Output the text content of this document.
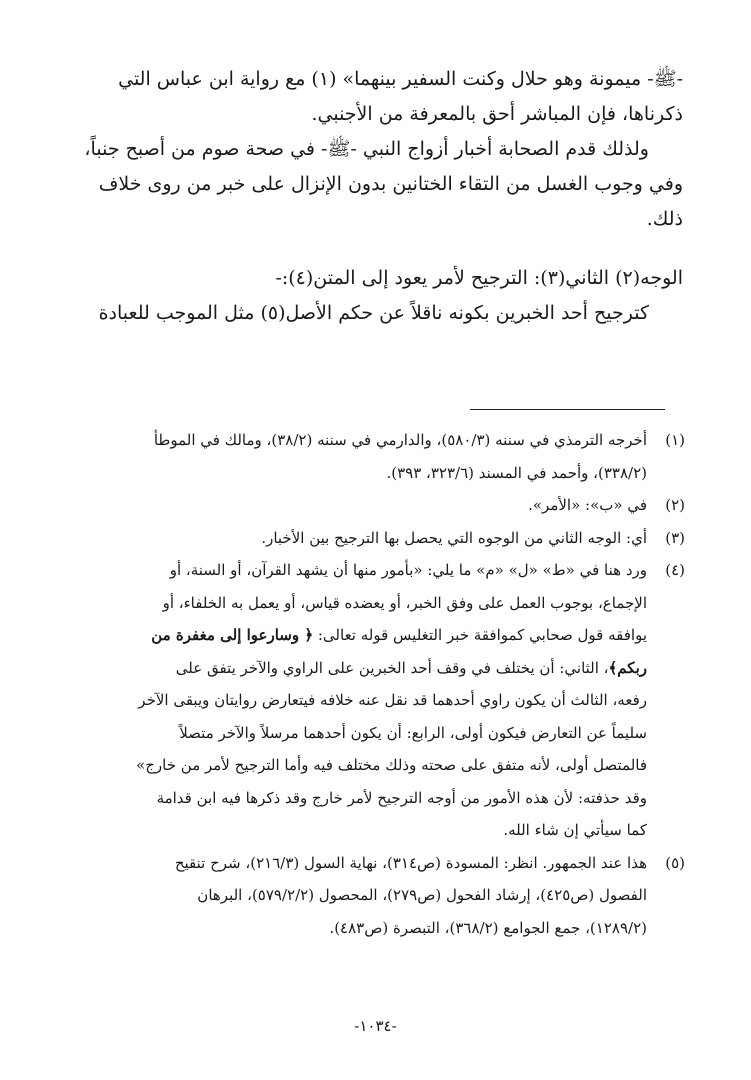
-ﷺ- ميمونة وهو حلال وكنت السفير بينهما» (١) مع رواية ابن عباس التي
ذكرناها، فإن المباشر أحق بالمعرفة من الأجنبي.

ولذلك قدم الصحابة أخبار أزواج النبي -ﷺ- في صحة صوم من أصبح جنباً،
وفي وجوب الغسل من التقاء الختانين بدون الإنزال على خبر من روى خلاف
ذلك.

الوجه(٢) الثاني(٣): الترجيح لأمر يعود إلى المتن(٤):-

كترجيح أحد الخبرين بكونه ناقلاً عن حكم الأصل(٥) مثل الموجب للعبادة

(١)
أخرجه الترمذي في سننه (٥٨٠/٣)، والدارمي في سننه (٣٨/٢)، ومالك في الموطأ
(٣٣٨/٢)، وأحمد في المسند (٣٢٣/٦، ٣٩٣).
(٢)
في «ب»: «الأمر».
(٣)
أي: الوجه الثاني من الوجوه التي يحصل بها الترجيح بين الأخبار.
(٤)
ورد هنا في «ط» «ل» «م» ما يلي: «بأمور منها أن يشهد القرآن، أو السنة، أو
الإجماع، بوجوب العمل على وفق الخبر، أو يعضده قياس، أو يعمل به الخلفاء، أو
يوافقه قول صحابي كموافقة خبر التغليس قوله تعالى: ﴿ وسارعوا إلى مغفرة من
ربكم﴾، الثاني: أن يختلف في وقف أحد الخبرين على الراوي والآخر يتفق على
رفعه، الثالث أن يكون راوي أحدهما قد نقل عنه خلافه فيتعارض روايتان ويبقى الآخر
سليماً عن التعارض فيكون أولى، الرابع: أن يكون أحدهما مرسلاً والآخر متصلاً
فالمتصل أولى، لأنه متفق على صحته وذلك مختلف فيه وأما الترجيح لأمر من خارج»
وقد حذفته: لأن هذه الأمور من أوجه الترجيح لأمر خارج وقد ذكرها فيه ابن قدامة
كما سيأتي إن شاء الله.
(٥)
هذا عند الجمهور. انظر: المسودة (ص٣١٤)، نهاية السول (٢١٦/٣)، شرح تنقيح
الفصول (ص٤٢٥)، إرشاد الفحول (ص٢٧٩)، المحصول (٥٧٩/٢/٢)، البرهان
(١٢٨٩/٢)، جمع الجوامع (٣٦٨/٢)، التبصرة (ص٤٨٣).
-١٠٣٤-
